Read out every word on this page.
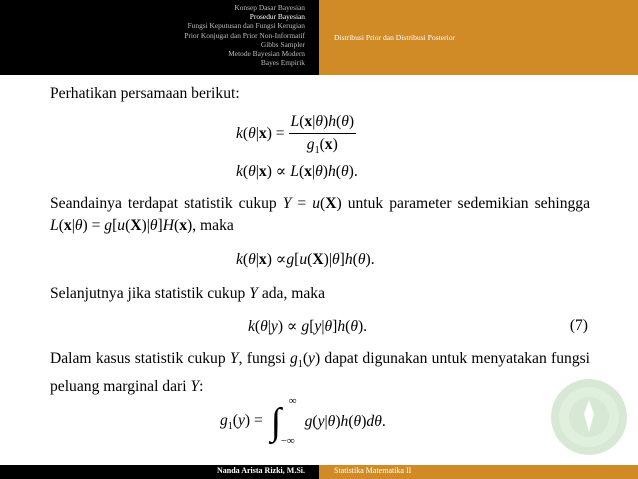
Konsep Dasar Bayesian
Prosedur Bayesian
Fungsi Keputusan dan Fungsi Kerugian
Prior Konjugat dan Prior Non-Informatif
Gibbs Sampler
Metode Bayesian Modern
Bayes Empirik
Distribusi Prior dan Distribusi Posterior
Perhatikan persamaan berikut:
$k(\theta|x) = \frac{L(x|\theta)h(\theta)}{g_1(x)}$
k(θ|x) ∝ L(x|θ)h(θ).
Seandainya terdapat statistik cukup Y = u(X) untuk parameter sedemikian sehingga L(x|θ) = g[u(X)|θ]H(x), maka
k(θ|x) ∝g[u(X)|θ]h(θ).
Selanjutnya jika statistik cukup Y ada, maka
k(θ|y) ∝ g[y|θ]h(θ).	(7)
Dalam kasus statistik cukup Y, fungsi $g_1(y)$ dapat digunakan untuk menyatakan fungsi peluang marginal dari Y:
$g_1(y)$ = ∫ ∞
−∞
g(y|θ)h(θ)dθ.
Nanda Arista Rizki, M.Si.	Statistika Matematika II
